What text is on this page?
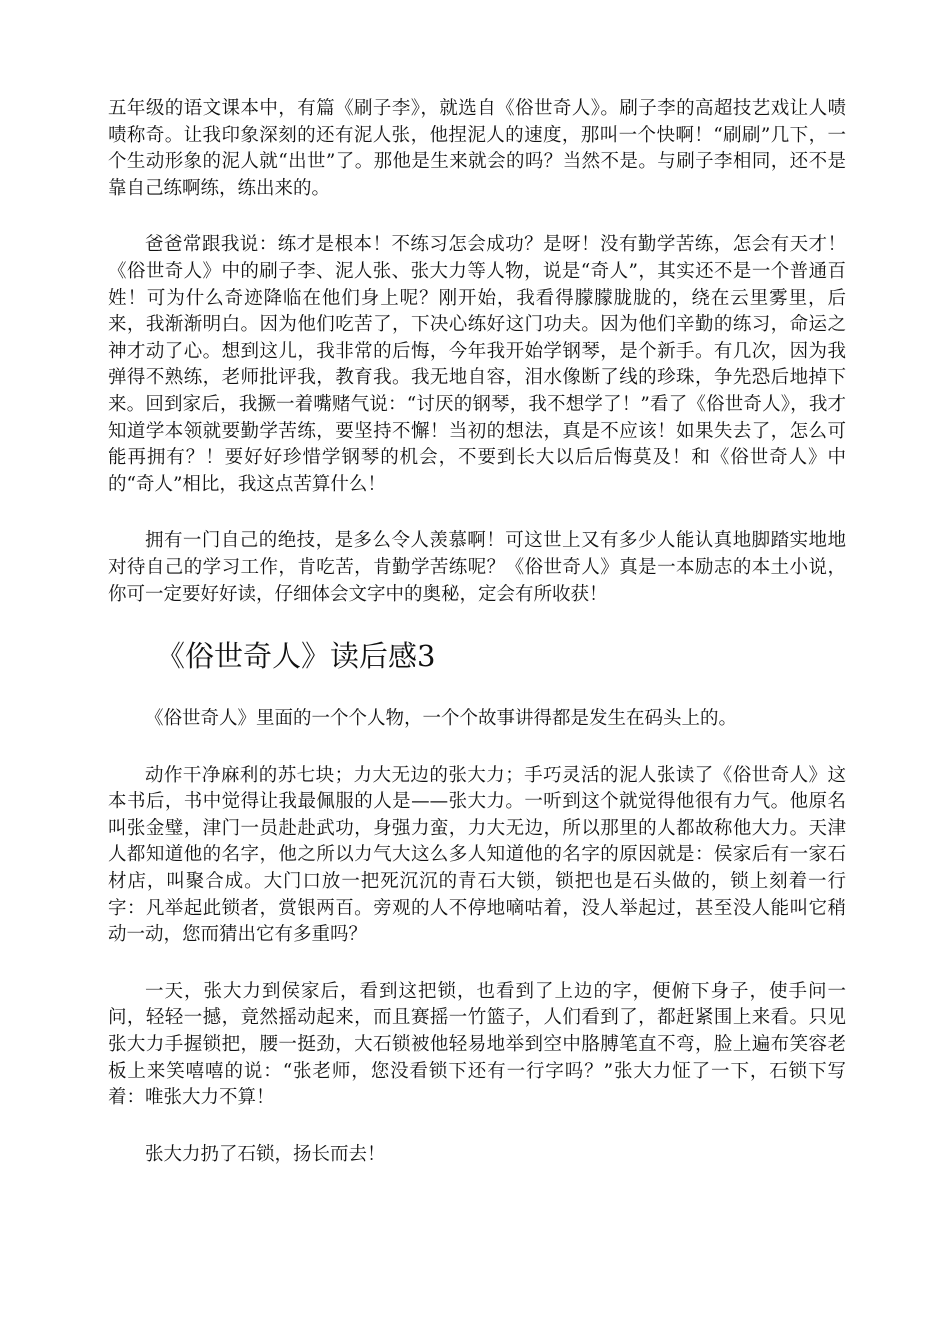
五年级的语文课本中，有篇《刷子李》，就选自《俗世奇人》。刷子李的高超技艺戏让人啧啧称奇。让我印象深刻的还有泥人张，他捏泥人的速度，那叫一个快啊！“刷刷”几下，一个生动形象的泥人就“出世”了。那他是生来就会的吗？当然不是。与刷子李相同，还不是靠自己练啊练，练出来的。

爸爸常跟我说：练才是根本！不练习怎会成功？是呀！没有勤学苦练，怎会有天才！《俗世奇人》中的刷子李、泥人张、张大力等人物，说是“奇人”，其实还不是一个普通百姓！可为什么奇迹降临在他们身上呢？刚开始，我看得朦朦胧胧的，绕在云里雾里，后来，我渐渐明白。因为他们吃苦了，下决心练好这门功夫。因为他们辛勤的练习，命运之神才动了心。想到这儿，我非常的后悔，今年我开始学钢琴，是个新手。有几次，因为我弹得不熟练，老师批评我，教育我。我无地自容，泪水像断了线的珍珠，争先恐后地掉下来。回到家后，我撅一着嘴赌气说：“讨厌的钢琴，我不想学了！”看了《俗世奇人》，我才知道学本领就要勤学苦练，要坚持不懈！当初的想法，真是不应该！如果失去了，怎么可能再拥有？！要好好珍惜学钢琴的机会，不要到长大以后后悔莫及！和《俗世奇人》中的“奇人”相比，我这点苦算什么！

拥有一门自己的绝技，是多么令人羡慕啊！可这世上又有多少人能认真地脚踏实地地对待自己的学习工作，肯吃苦，肯勤学苦练呢？《俗世奇人》真是一本励志的本土小说，你可一定要好好读，仔细体会文字中的奥秘，定会有所收获！

《俗世奇人》读后感3

《俗世奇人》里面的一个个人物，一个个故事讲得都是发生在码头上的。

动作干净麻利的苏七块；力大无边的张大力；手巧灵活的泥人张读了《俗世奇人》这本书后，书中觉得让我最佩服的人是——张大力。一听到这个就觉得他很有力气。他原名叫张金璧，津门一员赴赴武功，身强力蛮，力大无边，所以那里的人都故称他大力。天津人都知道他的名字，他之所以力气大这么多人知道他的名字的原因就是：侯家后有一家石材店，叫聚合成。大门口放一把死沉沉的青石大锁，锁把也是石头做的，锁上刻着一行字：凡举起此锁者，赏银两百。旁观的人不停地嘀咕着，没人举起过，甚至没人能叫它稍动一动，您而猜出它有多重吗？

一天，张大力到侯家后，看到这把锁，也看到了上边的字，便俯下身子，使手问一问，轻轻一撼，竟然摇动起来，而且赛摇一竹篮子，人们看到了，都赶紧围上来看。只见张大力手握锁把，腰一挺劲，大石锁被他轻易地举到空中胳膊笔直不弯，脸上遍布笑容老板上来笑嘻嘻的说：“张老师，您没看锁下还有一行字吗？”张大力怔了一下，石锁下写着：唯张大力不算！

张大力扔了石锁，扬长而去！
